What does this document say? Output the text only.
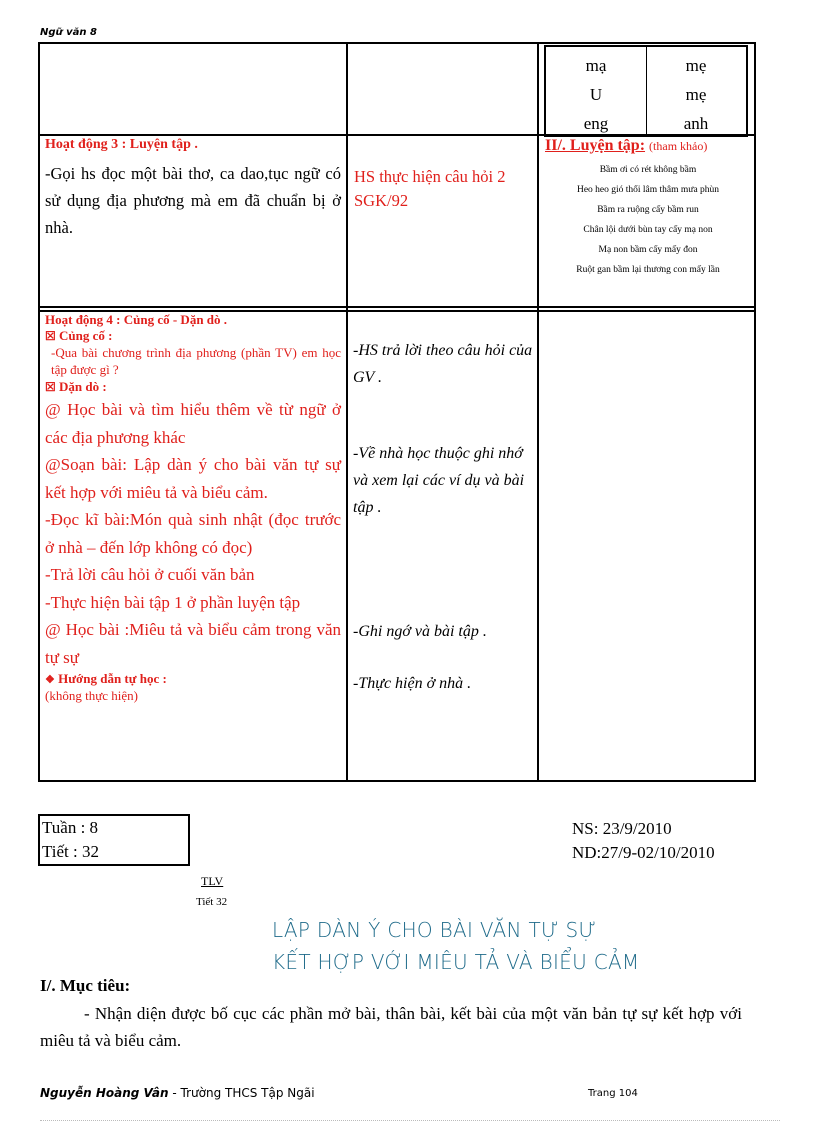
Ngữ văn 8
mạ
U
eng
mẹ
mẹ
anh
Hoạt động 3 : Luyện tập .
-Gọi hs đọc một bài thơ, ca dao,tục ngữ có sử dụng địa phương mà em đã chuẩn bị ở nhà.
HS thực hiện câu hỏi 2 SGK/92
II/. Luyện tập: (tham khảo)
Bầm ơi có rét không bầm
Heo heo gió thổi lâm thâm mưa phùn
Bầm ra ruộng cấy bầm run
Chân lội dưới bùn tay cấy mạ non
Mạ non bầm cấy mấy đon
Ruột gan bầm lại thương con mấy lần
Hoạt động 4 : Củng cố - Dặn dò .
☒ Củng cố :
-Qua bài chương trình địa phương (phần TV) em học tập được gì ?
☒ Dặn dò :
@ Học bài và tìm hiểu thêm về từ ngữ ở các địa phương khác
@Soạn bài: Lập dàn ý cho bài văn tự sự kết hợp với miêu tả và biểu cảm.
-Đọc kĩ bài:Món quà sinh nhật (đọc trước ở nhà – đến lớp không có đọc)
-Trả lời câu hỏi ở cuối văn bản
-Thực hiện bài tập 1 ở phần luyện tập
@ Học bài :Miêu tả và biểu cảm trong văn tự sự
❖ Hướng dẫn tự học :
(không thực hiện)
-HS trả lời theo câu hỏi của GV .
-Về nhà học thuộc ghi nhớ và xem lại các ví dụ và bài tập .
-Ghi ngớ và bài tập .
-Thực hiện ở nhà .
Tuần : 8
Tiết : 32
NS: 23/9/2010
ND:27/9-02/10/2010
TLV
Tiết 32
LẬP DÀN Ý CHO BÀI VĂN TỰ SỰ
KẾT HỢP VỚI MIÊU TẢ VÀ BIỂU CẢM
I/. Mục tiêu:
- Nhận diện được bố cục các phần mở bài, thân bài, kết bài của một văn bản tự sự kết hợp với miêu tả và biểu cảm.
Nguyễn Hoàng Vân - Trường THCS Tập Ngãi	Trang 104
